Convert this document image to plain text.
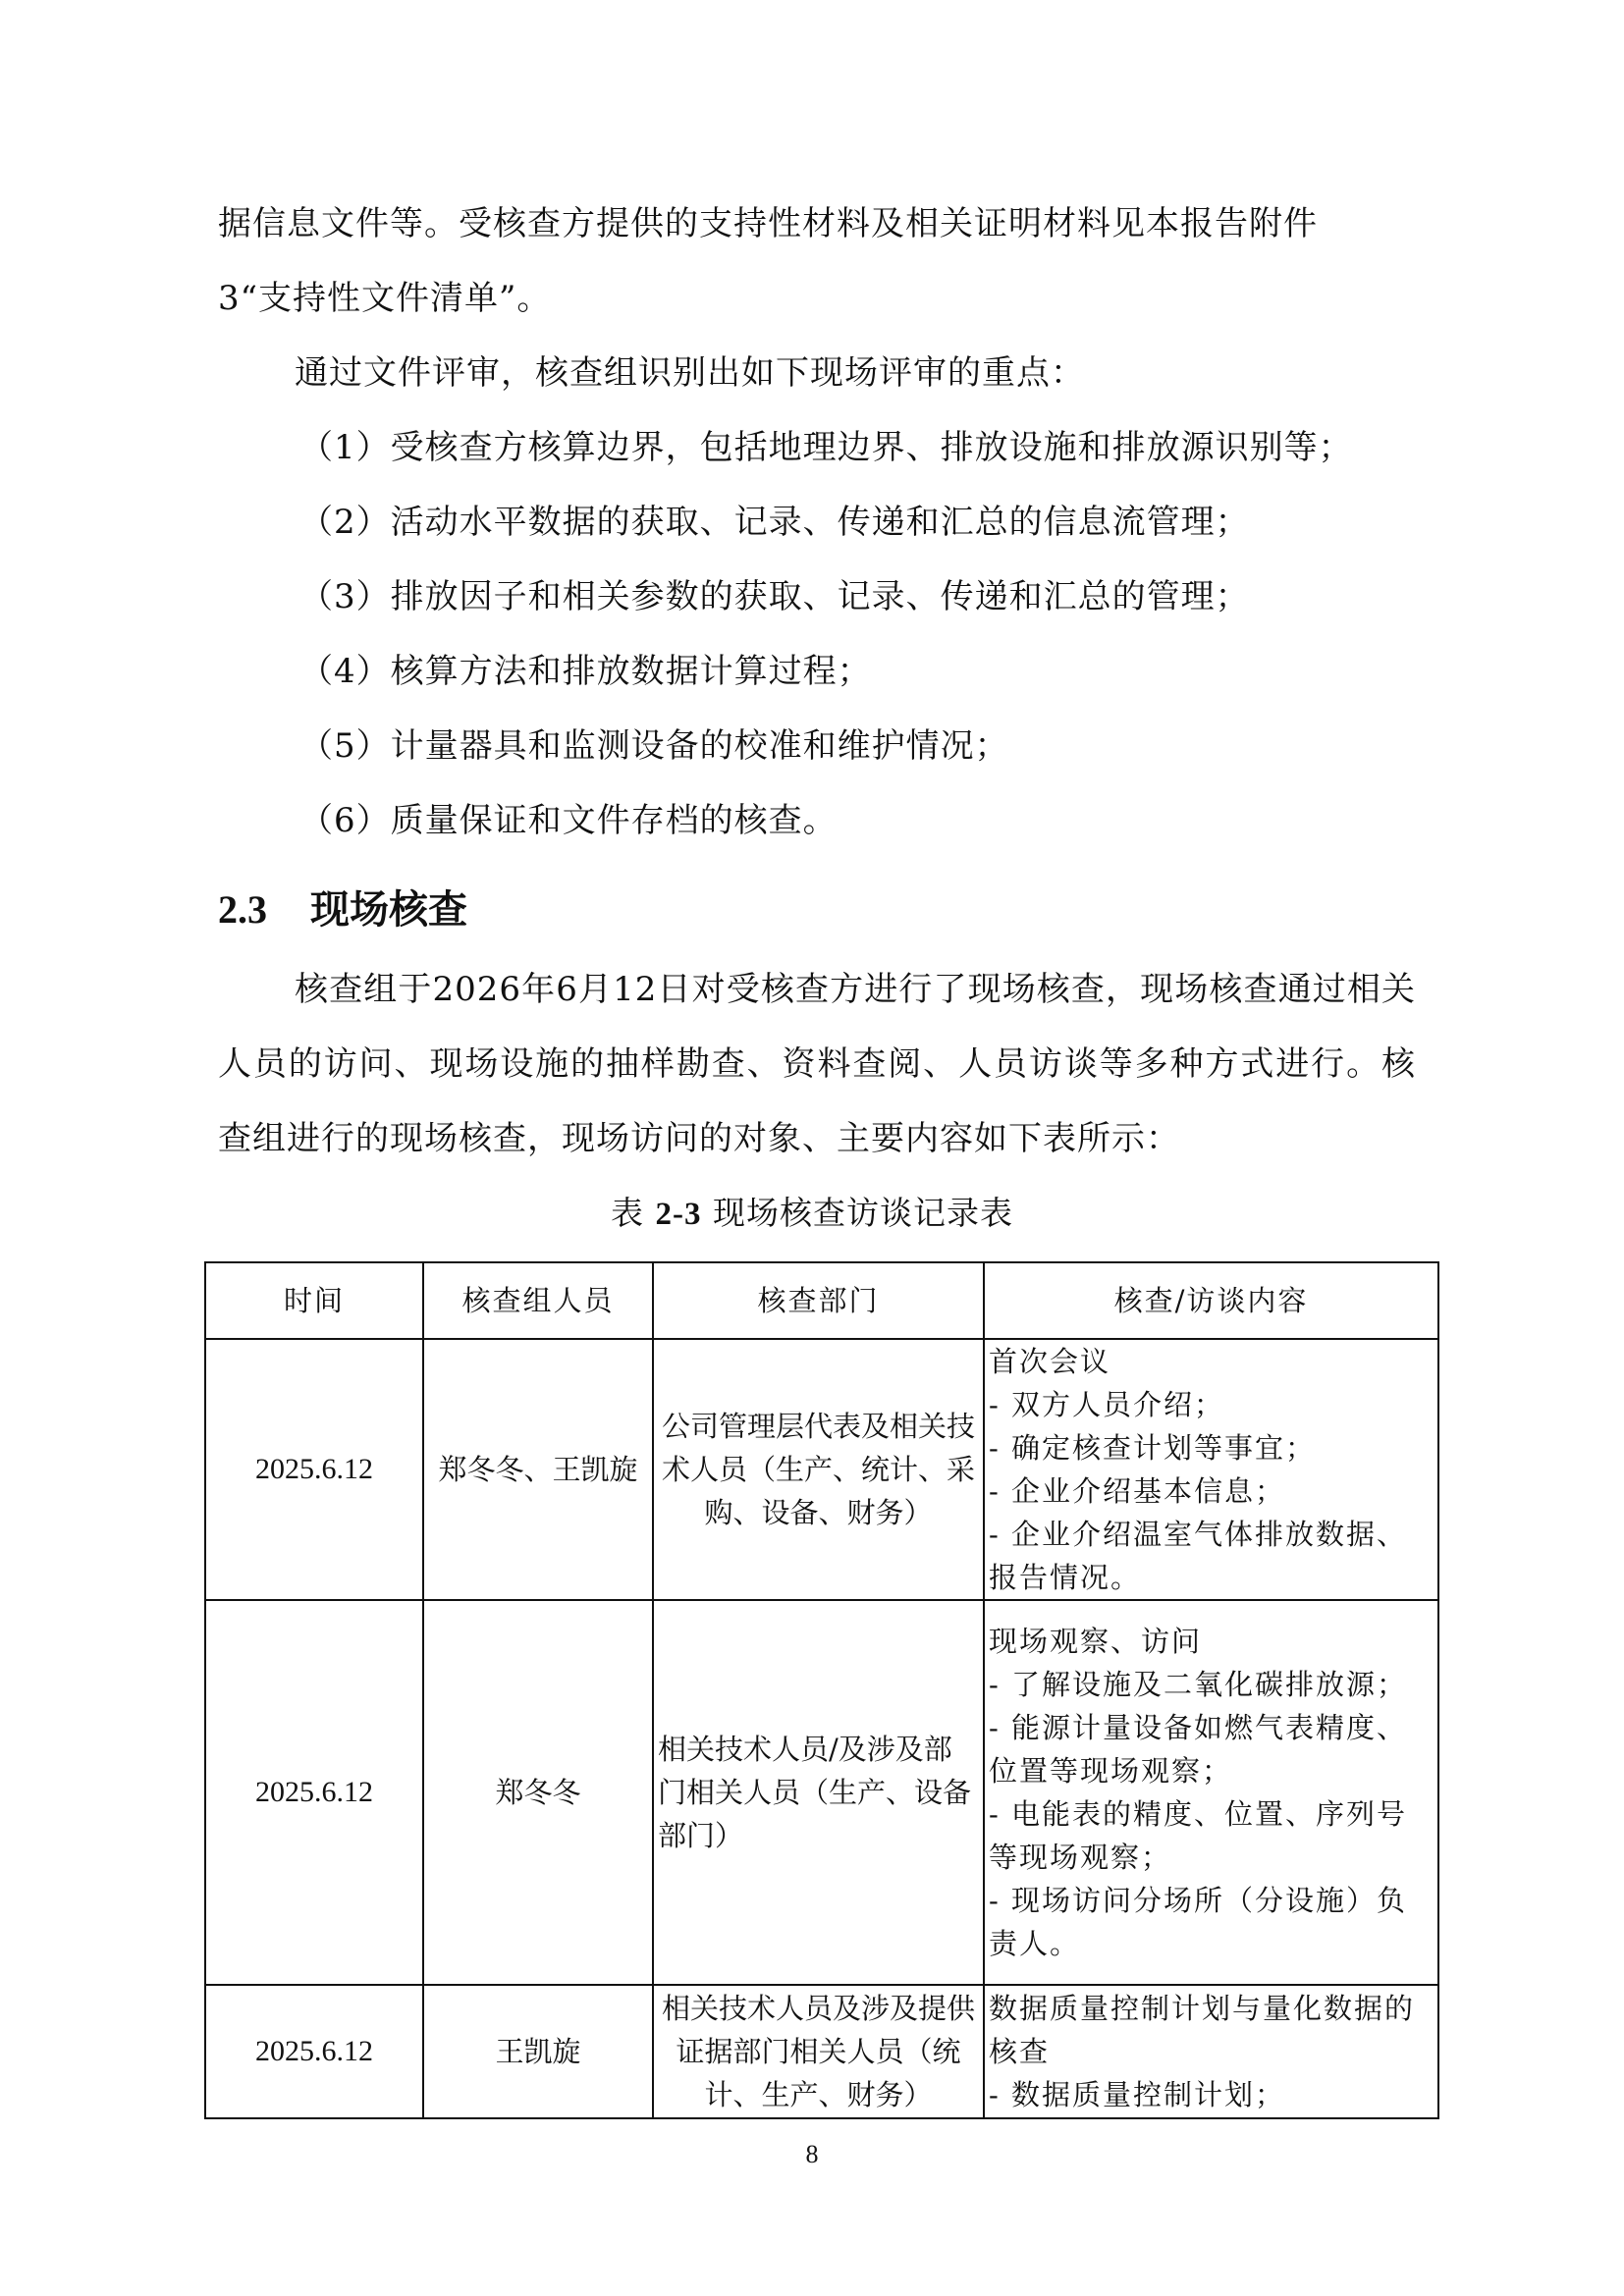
据信息文件等。受核查方提供的支持性材料及相关证明材料见本报告附件
3“支持性文件清单”。
通过文件评审，核查组识别出如下现场评审的重点：
（1）受核查方核算边界，包括地理边界、排放设施和排放源识别等；
（2）活动水平数据的获取、记录、传递和汇总的信息流管理；
（3）排放因子和相关参数的获取、记录、传递和汇总的管理；
（4）核算方法和排放数据计算过程；
（5）计量器具和监测设备的校准和维护情况；
（6）质量保证和文件存档的核查。
2.3 现场核查

核查组于2026年6月12日对受核查方进行了现场核查，现场核查通过相关人员的访问、现场设施的抽样勘查、资料查阅、人员访谈等多种方式进行。核查组进行的现场核查，现场访问的对象、主要内容如下表所示：

表 2-3 现场核查访谈记录表
时间	核查组人员	核查部门	核查/访谈内容
2025.6.12	郑冬冬、王凯旋	公司管理层代表及相关技术人员（生产、统计、采购、设备、财务）	首次会议
- 双方人员介绍；
- 确定核查计划等事宜；
- 企业介绍基本信息；
- 企业介绍温室气体排放数据、报告情况。

2025.6.12	郑冬冬	相关技术人员/及涉及部门相关人员（生产、设备部门）	现场观察、访问
- 了解设施及二氧化碳排放源；
- 能源计量设备如燃气表精度、位置等现场观察；
- 电能表的精度、位置、序列号等现场观察；
- 现场访问分场所（分设施）负责人。

2025.6.12	王凯旋	相关技术人员及涉及提供证据部门相关人员（统计、生产、财务）	数据质量控制计划与量化数据的核查
- 数据质量控制计划；
8
